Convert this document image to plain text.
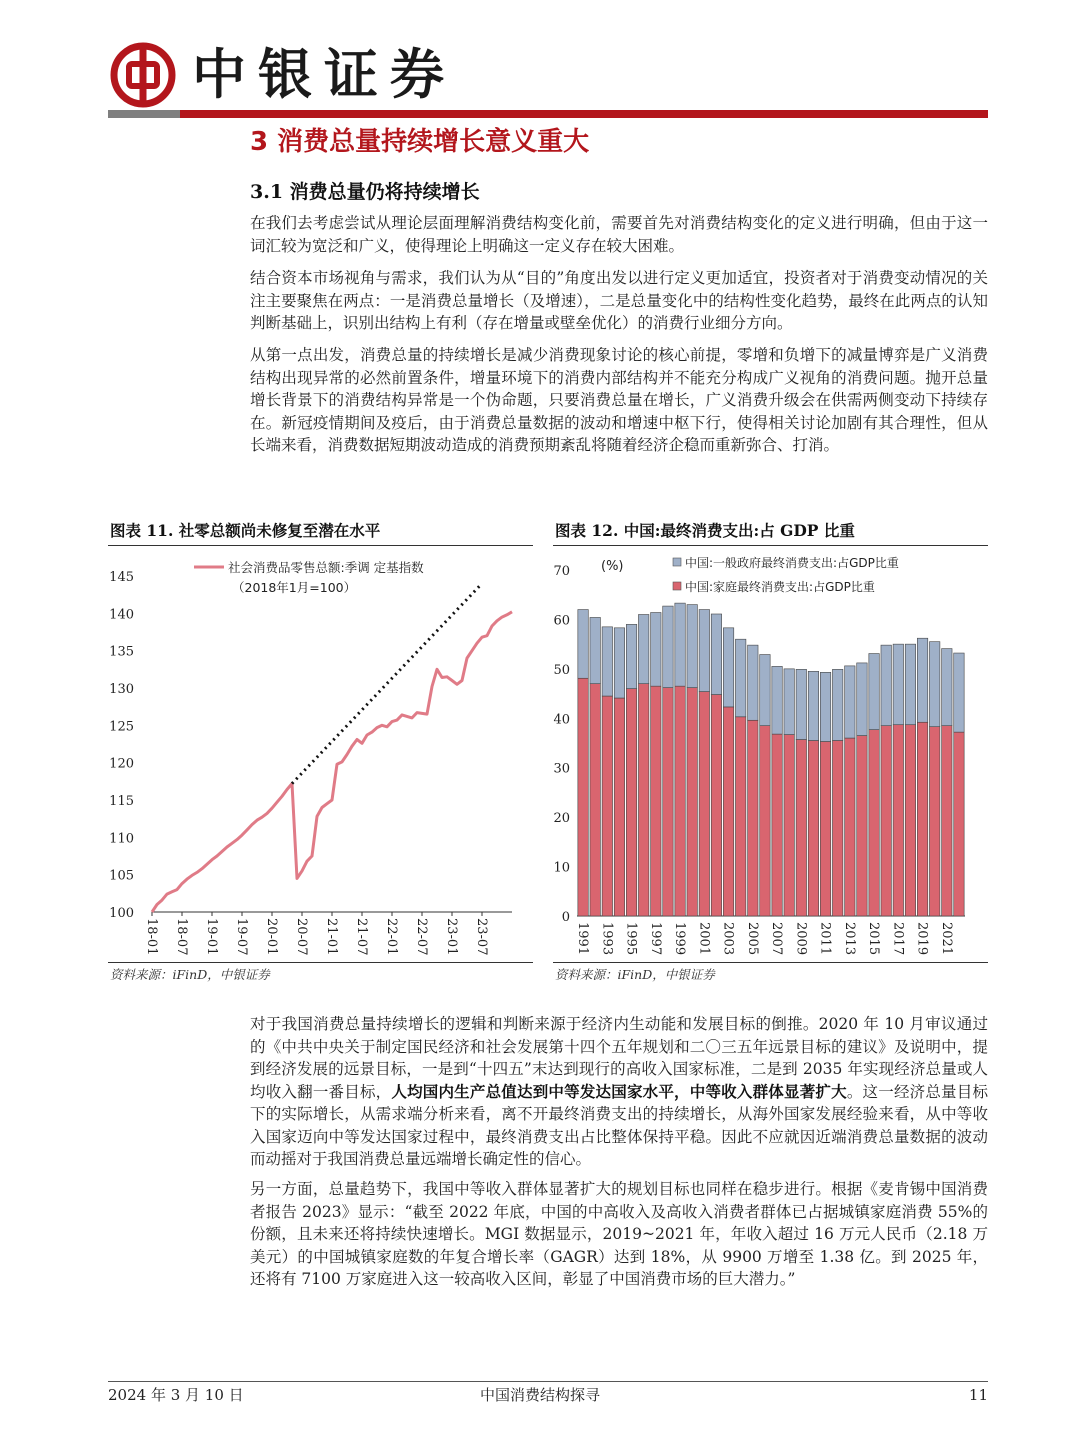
中银证券
3 消费总量持续增长意义重大
3.1 消费总量仍将持续增长

在我们去考虑尝试从理论层面理解消费结构变化前，需要首先对消费结构变化的定义进行明确，但由于这一词汇较为宽泛和广义，使得理论上明确这一定义存在较大困难。

结合资本市场视角与需求，我们认为从“目的”角度出发以进行定义更加适宜，投资者对于消费变动情况的关注主要聚焦在两点：一是消费总量增长（及增速），二是总量变化中的结构性变化趋势，最终在此两点的认知判断基础上，识别出结构上有利（存在增量或壁垒优化）的消费行业细分方向。

从第一点出发，消费总量的持续增长是减少消费现象讨论的核心前提，零增和负增下的减量博弈是广义消费结构出现异常的必然前置条件，增量环境下的消费内部结构并不能充分构成广义视角的消费问题。抛开总量增长背景下的消费结构异常是一个伪命题，只要消费总量在增长，广义消费升级会在供需两侧变动下持续存在。新冠疫情期间及疫后，由于消费总量数据的波动和增速中枢下行，使得相关讨论加剧有其合理性，但从长端来看，消费数据短期波动造成的消费预期紊乱将随着经济企稳而重新弥合、打消。

图表 11. 社零总额尚未修复至潜在水平
100
105
110
115
120
125
130
135
140
145
18-01 18-07 19-01 19-07 20-01 20-07 21-01 21-07 22-01 22-07 23-01 23-07
社会消费品零售总额:季调 定基指数
（2018年1月=100）
资料来源：iFinD，中银证券
图表 12. 中国:最终消费支出:占 GDP 比重
0
10
20
30
40
50
60
70
1991 1993 1995 1997 1999 2001 2003 2005 2007 2009 2011 2013 2015 2017 2019 2021
(%)	中国:一般政府最终消费支出:占GDP比重
中国:家庭最终消费支出:占GDP比重
资料来源：iFinD，中银证券

对于我国消费总量持续增长的逻辑和判断来源于经济内生动能和发展目标的倒推。2020 年 10 月审议通过的《中共中央关于制定国民经济和社会发展第十四个五年规划和二〇三五年远景目标的建议》及说明中，提到经济发展的远景目标，一是到“十四五”末达到现行的高收入国家标准，二是到 2035 年实现经济总量或人均收入翻一番目标，人均国内生产总值达到中等发达国家水平，中等收入群体显著扩大。这一经济总量目标下的实际增长，从需求端分析来看，离不开最终消费支出的持续增长，从海外国家发展经验来看，从中等收入国家迈向中等发达国家过程中，最终消费支出占比整体保持平稳。因此不应就因近端消费总量数据的波动而动摇对于我国消费总量远端增长确定性的信心。

另一方面，总量趋势下，我国中等收入群体显著扩大的规划目标也同样在稳步进行。根据《麦肯锡中国消费者报告 2023》显示：“截至 2022 年底，中国的中高收入及高收入消费者群体已占据城镇家庭消费 55%的份额，且未来还将持续快速增长。MGI 数据显示，2019~2021 年，年收入超过 16 万元人民币（2.18 万美元）的中国城镇家庭数的年复合增长率（GAGR）达到 18%，从 9900 万增至 1.38 亿。到 2025 年，还将有 7100 万家庭进入这一较高收入区间，彰显了中国消费市场的巨大潜力。”

2024 年 3 月 10 日	中国消费结构探寻	11
